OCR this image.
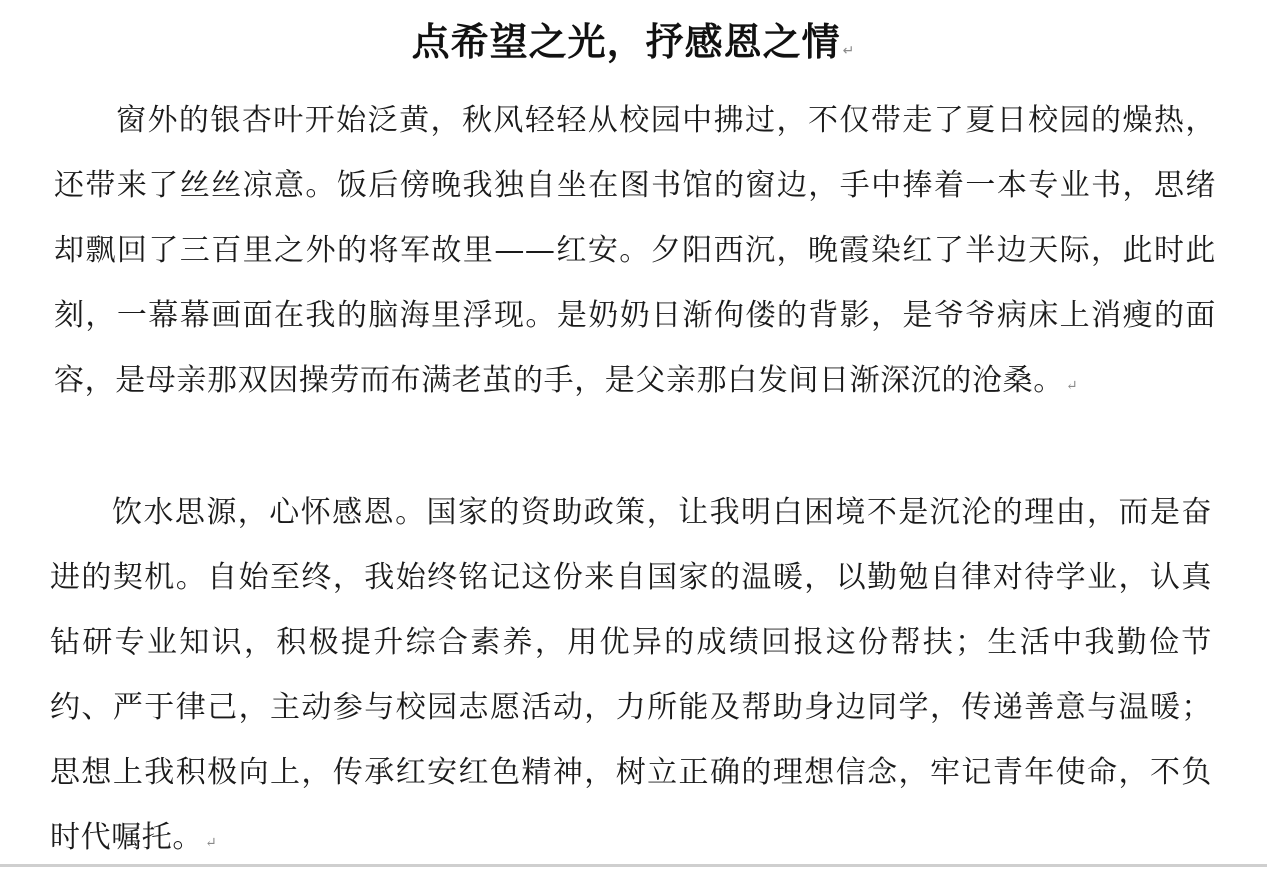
点希望之光，抒感恩之情 ↵

窗外的银杏叶开始泛黄，秋风轻轻从校园中拂过，不仅带走了夏日校园的燥热，还带来了丝丝凉意。饭后傍晚我独自坐在图书馆的窗边，手中捧着一本专业书，思绪却飘回了三百里之外的将军故里——红安。夕阳西沉，晚霞染红了半边天际，此时此刻，一幕幕画面在我的脑海里浮现。是奶奶日渐佝偻的背影，是爷爷病床上消瘦的面容，是母亲那双因操劳而布满老茧的手，是父亲那白发间日渐深沉的沧桑。 ↵

饮水思源，心怀感恩。国家的资助政策，让我明白困境不是沉沦的理由，而是奋进的契机。自始至终，我始终铭记这份来自国家的温暖，以勤勉自律对待学业，认真钻研专业知识，积极提升综合素养，用优异的成绩回报这份帮扶；生活中我勤俭节约、严于律己，主动参与校园志愿活动，力所能及帮助身边同学，传递善意与温暖；思想上我积极向上，传承红安红色精神，树立正确的理想信念，牢记青年使命，不负时代嘱托。 ↵
